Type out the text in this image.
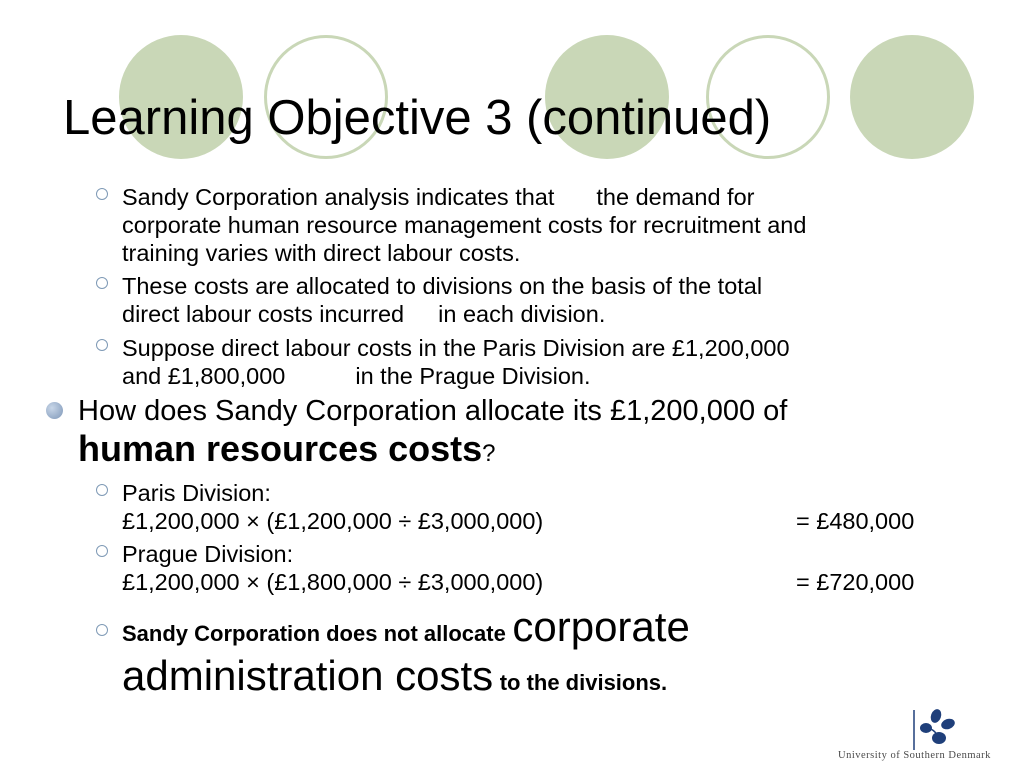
Learning Objective 3 (continued)
Sandy Corporation analysis indicates that the demand for
corporate human resource management costs for recruitment and
training varies with direct labour costs.
These costs are allocated to divisions on the basis of the total
direct labour costs incurred in each division.
Suppose direct labour costs in the Paris Division are £1,200,000
and £1,800,000	in the Prague Division.
How does Sandy Corporation allocate its £1,200,000 of
human resources costs?
Paris Division:
£1,200,000 × (£1,200,000 ÷ £3,000,000)	= £480,000
Prague Division:
£1,200,000 × (£1,800,000 ÷ £3,000,000)	= £720,000
Sandy Corporation does not allocate corporate
administration costs to the divisions.
University of Southern Denmark
